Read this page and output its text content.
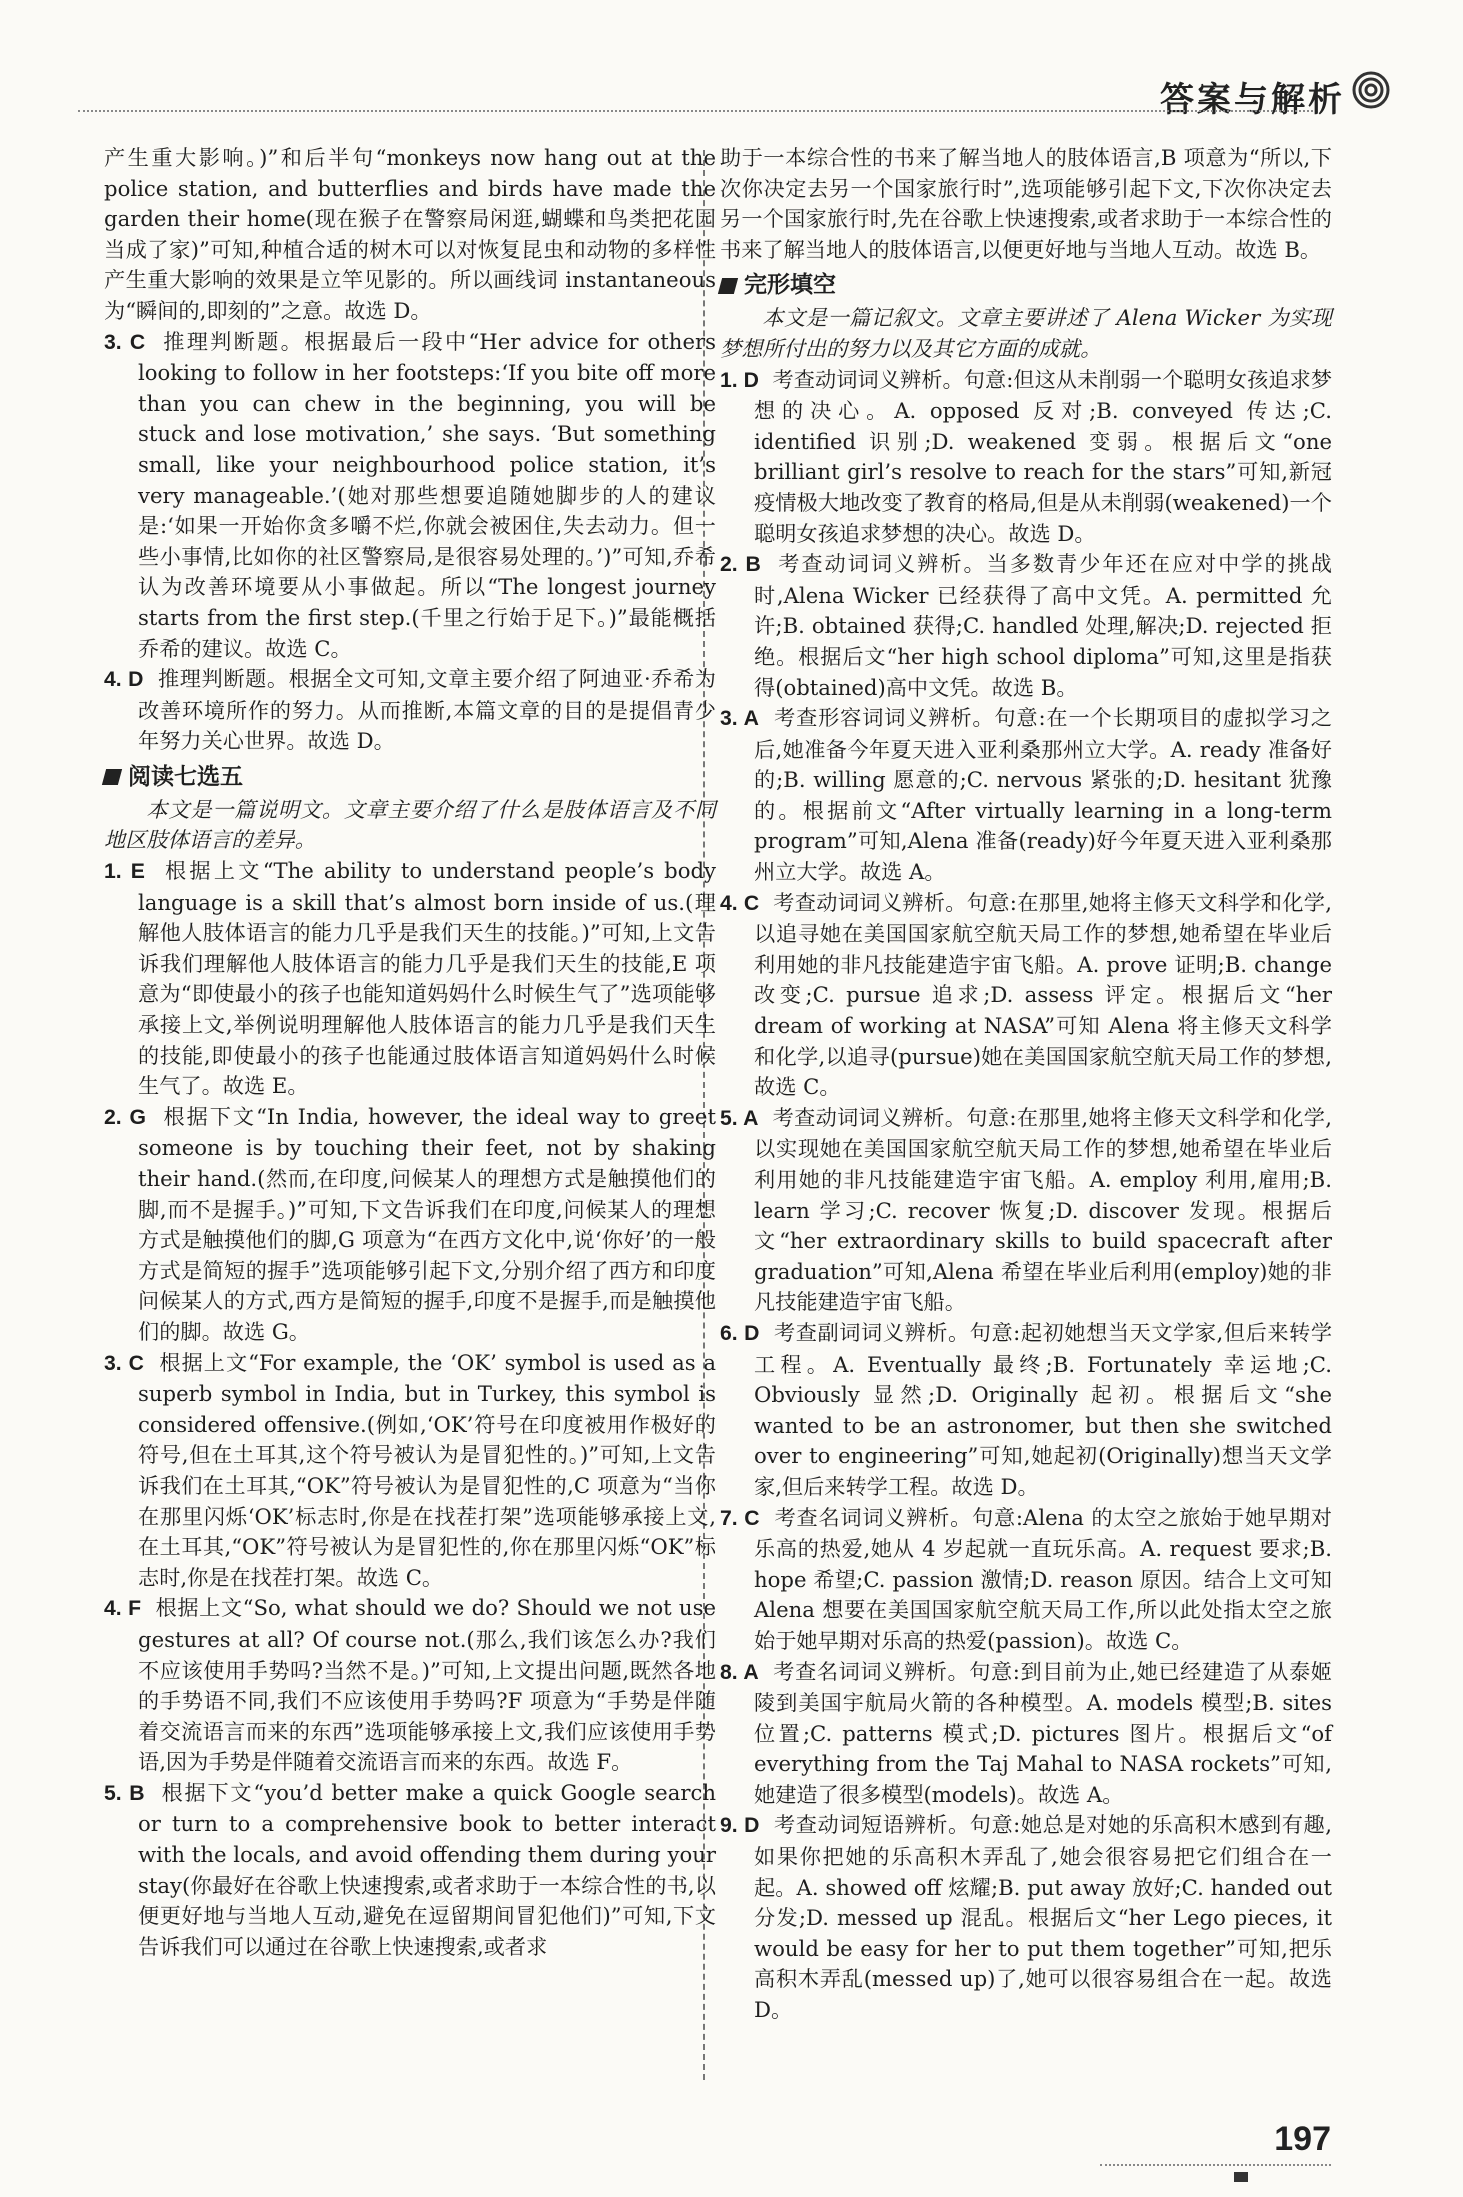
答案与解析

产生重大影响。)”和后半句“monkeys now hang out at the police station, and butterflies and birds have made the garden their home(现在猴子在警察局闲逛,蝴蝶和鸟类把花园当成了家)”可知,种植合适的树木可以对恢复昆虫和动物的多样性产生重大影响的效果是立竿见影的。所以画线词 instantaneous 为“瞬间的,即刻的”之意。故选 D。

3. C 推理判断题。根据最后一段中“Her advice for others looking to follow in her footsteps:‘If you bite off more than you can chew in the beginning, you will be stuck and lose motivation,’ she says. ‘But something small, like your neighbourhood police station, it’s very manageable.’(她对那些想要追随她脚步的人的建议是:‘如果一开始你贪多嚼不烂,你就会被困住,失去动力。但一些小事情,比如你的社区警察局,是很容易处理的。’)”可知,乔希认为改善环境要从小事做起。所以“The longest journey starts from the first step.(千里之行始于足下。)”最能概括乔希的建议。故选 C。

4. D 推理判断题。根据全文可知,文章主要介绍了阿迪亚·乔希为改善环境所作的努力。从而推断,本篇文章的目的是提倡青少年努力关心世界。故选 D。

阅读七选五

本文是一篇说明文。文章主要介绍了什么是肢体语言及不同地区肢体语言的差异。

1. E 根据上文“The ability to understand people’s body language is a skill that’s almost born inside of us.(理解他人肢体语言的能力几乎是我们天生的技能。)”可知,上文告诉我们理解他人肢体语言的能力几乎是我们天生的技能,E 项意为“即使最小的孩子也能知道妈妈什么时候生气了”选项能够承接上文,举例说明理解他人肢体语言的能力几乎是我们天生的技能,即使最小的孩子也能通过肢体语言知道妈妈什么时候生气了。故选 E。

2. G 根据下文“In India, however, the ideal way to greet someone is by touching their feet, not by shaking their hand.(然而,在印度,问候某人的理想方式是触摸他们的脚,而不是握手。)”可知,下文告诉我们在印度,问候某人的理想方式是触摸他们的脚,G 项意为“在西方文化中,说‘你好’的一般方式是简短的握手”选项能够引起下文,分别介绍了西方和印度问候某人的方式,西方是简短的握手,印度不是握手,而是触摸他们的脚。故选 G。

3. C 根据上文“For example, the ‘OK’ symbol is used as a superb symbol in India, but in Turkey, this symbol is considered offensive.(例如,‘OK’符号在印度被用作极好的符号,但在土耳其,这个符号被认为是冒犯性的。)”可知,上文告诉我们在土耳其,“OK”符号被认为是冒犯性的,C 项意为“当你在那里闪烁‘OK’标志时,你是在找茬打架”选项能够承接上文,在土耳其,“OK”符号被认为是冒犯性的,你在那里闪烁“OK”标志时,你是在找茬打架。故选 C。

4. F 根据上文“So, what should we do? Should we not use gestures at all? Of course not.(那么,我们该怎么办?我们不应该使用手势吗?当然不是。)”可知,上文提出问题,既然各地的手势语不同,我们不应该使用手势吗?F 项意为“手势是伴随着交流语言而来的东西”选项能够承接上文,我们应该使用手势语,因为手势是伴随着交流语言而来的东西。故选 F。

5. B 根据下文“you’d better make a quick Google search or turn to a comprehensive book to better interact with the locals, and avoid offending them during your stay(你最好在谷歌上快速搜索,或者求助于一本综合性的书,以便更好地与当地人互动,避免在逗留期间冒犯他们)”可知,下文告诉我们可以通过在谷歌上快速搜索,或者求

助于一本综合性的书来了解当地人的肢体语言,B 项意为“所以,下次你决定去另一个国家旅行时”,选项能够引起下文,下次你决定去另一个国家旅行时,先在谷歌上快速搜索,或者求助于一本综合性的书来了解当地人的肢体语言,以便更好地与当地人互动。故选 B。

完形填空

本文是一篇记叙文。文章主要讲述了 Alena Wicker 为实现梦想所付出的努力以及其它方面的成就。

1. D 考查动词词义辨析。句意:但这从未削弱一个聪明女孩追求梦想的决心。A. opposed 反对;B. conveyed 传达;C. identified 识别;D. weakened 变弱。根据后文“one brilliant girl’s resolve to reach for the stars”可知,新冠疫情极大地改变了教育的格局,但是从未削弱(weakened)一个聪明女孩追求梦想的决心。故选 D。

2. B 考查动词词义辨析。当多数青少年还在应对中学的挑战时,Alena Wicker 已经获得了高中文凭。A. permitted 允许;B. obtained 获得;C. handled 处理,解决;D. rejected 拒绝。根据后文“her high school diploma”可知,这里是指获得(obtained)高中文凭。故选 B。

3. A 考查形容词词义辨析。句意:在一个长期项目的虚拟学习之后,她准备今年夏天进入亚利桑那州立大学。A. ready 准备好的;B. willing 愿意的;C. nervous 紧张的;D. hesitant 犹豫的。根据前文“After virtually learning in a long-term program”可知,Alena 准备(ready)好今年夏天进入亚利桑那州立大学。故选 A。

4. C 考查动词词义辨析。句意:在那里,她将主修天文科学和化学,以追寻她在美国国家航空航天局工作的梦想,她希望在毕业后利用她的非凡技能建造宇宙飞船。A. prove 证明;B. change 改变;C. pursue 追求;D. assess 评定。根据后文“her dream of working at NASA”可知 Alena 将主修天文科学和化学,以追寻(pursue)她在美国国家航空航天局工作的梦想,故选 C。

5. A 考查动词词义辨析。句意:在那里,她将主修天文科学和化学,以实现她在美国国家航空航天局工作的梦想,她希望在毕业后利用她的非凡技能建造宇宙飞船。A. employ 利用,雇用;B. learn 学习;C. recover 恢复;D. discover 发现。根据后文“her extraordinary skills to build spacecraft after graduation”可知,Alena 希望在毕业后利用(employ)她的非凡技能建造宇宙飞船。

6. D 考查副词词义辨析。句意:起初她想当天文学家,但后来转学工程。A. Eventually 最终;B. Fortunately 幸运地;C. Obviously 显然;D. Originally 起初。根据后文“she wanted to be an astronomer, but then she switched over to engineering”可知,她起初(Originally)想当天文学家,但后来转学工程。故选 D。

7. C 考查名词词义辨析。句意:Alena 的太空之旅始于她早期对乐高的热爱,她从 4 岁起就一直玩乐高。A. request 要求;B. hope 希望;C. passion 激情;D. reason 原因。结合上文可知 Alena 想要在美国国家航空航天局工作,所以此处指太空之旅始于她早期对乐高的热爱(passion)。故选 C。

8. A 考查名词词义辨析。句意:到目前为止,她已经建造了从泰姬陵到美国宇航局火箭的各种模型。A. models 模型;B. sites 位置;C. patterns 模式;D. pictures 图片。根据后文“of everything from the Taj Mahal to NASA rockets”可知,她建造了很多模型(models)。故选 A。

9. D 考查动词短语辨析。句意:她总是对她的乐高积木感到有趣,如果你把她的乐高积木弄乱了,她会很容易把它们组合在一起。A. showed off 炫耀;B. put away 放好;C. handed out 分发;D. messed up 混乱。根据后文“her Lego pieces, it would be easy for her to put them together”可知,把乐高积木弄乱(messed up)了,她可以很容易组合在一起。故选 D。

197
